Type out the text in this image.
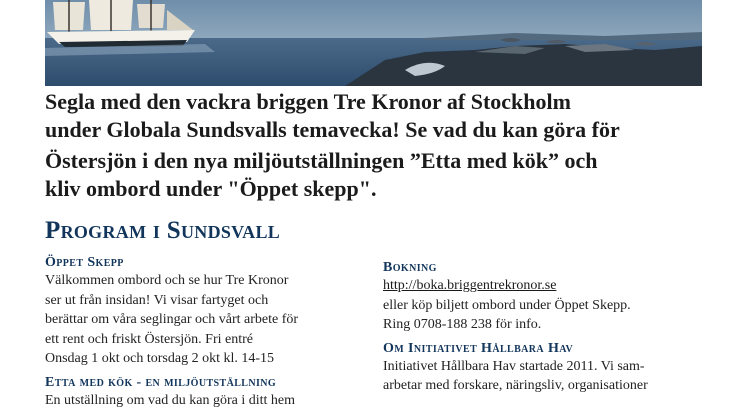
Segla med den vackra briggen Tre Kronor af Stockholm

under Globala Sundsvalls temavecka! Se vad du kan göra för

Östersjön i den nya miljöutställningen ”Etta med kök” och

kliv ombord under "Öppet skepp".

Program i Sundsvall
Öppet Skepp

Välkommen ombord och se hur Tre Kronor

ser ut från insidan! Vi visar fartyget och

berättar om våra seglingar och vårt arbete för

ett rent och friskt Östersjön. Fri entré

Onsdag 1 okt och torsdag 2 okt kl. 14-15

Etta med kök - en miljöutställning

En utställning om vad du kan göra i ditt hem

Bokning

http://boka.briggentrekronor.se

eller köp biljett ombord under Öppet Skepp.

Ring 0708-188 238 för info.

Om Initiativet Hållbara Hav

Initiativet Hållbara Hav startade 2011. Vi sam-

arbetar med forskare, näringsliv, organisationer
